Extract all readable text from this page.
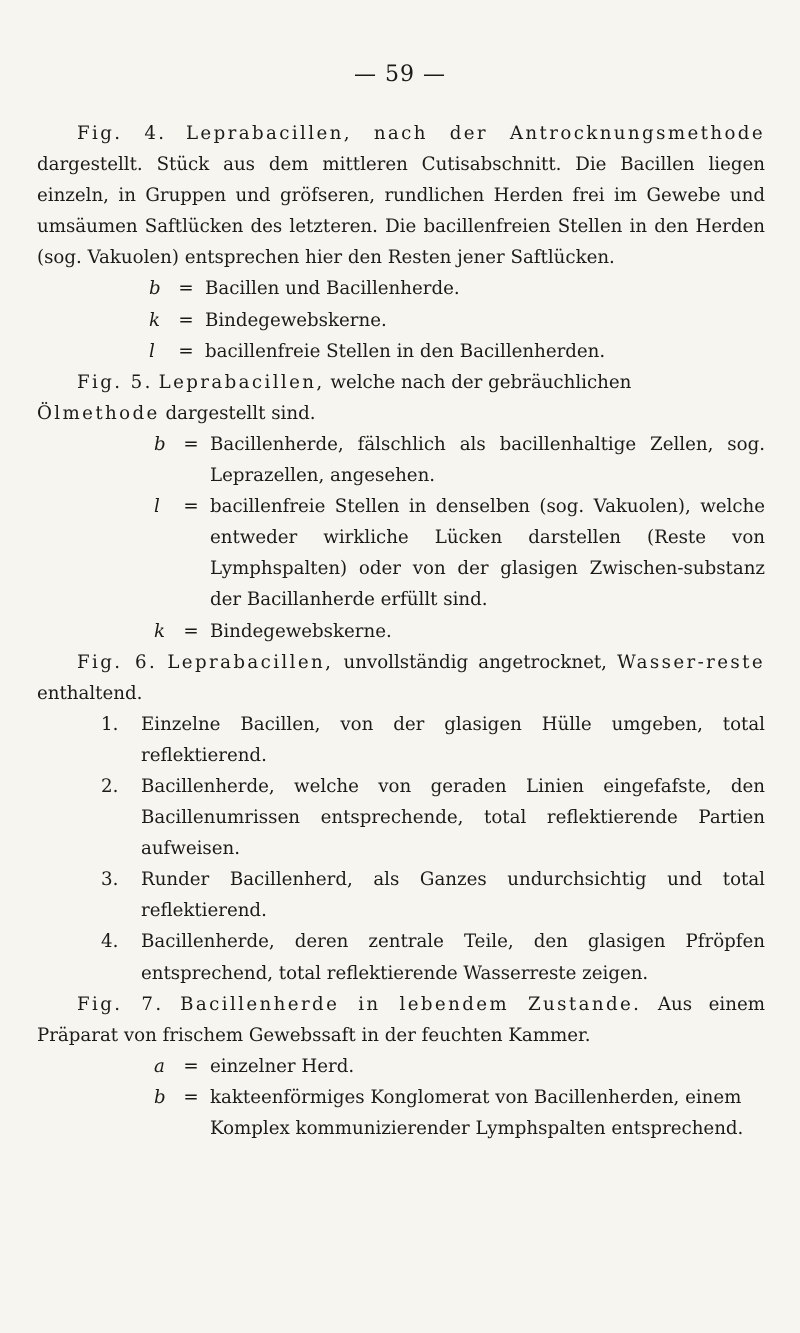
— 59 —

Fig. 4. Leprabacillen, nach der Antrocknungsmethode dargestellt. Stück aus dem mittleren Cutisabschnitt. Die Bacillen liegen einzeln, in Gruppen und gröfseren, rundlichen Herden frei im Gewebe und umsäumen Saftlücken des letzteren. Die bacillenfreien Stellen in den Herden (sog. Vakuolen) entsprechen hier den Resten jener Saftlücken.

b = Bacillen und Bacillenherde.
k	= Bindegewebskerne.
l	= bacillenfreie Stellen in den Bacillenherden.

Fig. 5. Leprabacillen, welche nach der gebräuchlichen

Ölmethode dargestellt sind.

b = Bacillenherde, fälschlich als bacillenhaltige Zellen, sog. Leprazellen, angesehen.
l	= bacillenfreie Stellen in denselben (sog. Vakuolen), welche entweder wirkliche Lücken darstellen (Reste von Lymphspalten) oder von der glasigen Zwischen-substanz der Bacillanherde erfüllt sind.
k	= Bindegewebskerne.

Fig. 6. Leprabacillen, unvollständig angetrocknet, Wasser-reste enthaltend.

1.	Einzelne Bacillen, von der glasigen Hülle umgeben, total reflektierend.
2.	Bacillenherde, welche von geraden Linien eingefafste, den Bacillenumrissen entsprechende, total reflektierende Partien aufweisen.
3.	Runder Bacillenherd, als Ganzes undurchsichtig und total reflektierend.
4.	Bacillenherde, deren zentrale Teile, den glasigen Pfröpfen entsprechend, total reflektierende Wasserreste zeigen.

Fig. 7. Bacillenherde in lebendem Zustande. Aus einem Präparat von frischem Gewebssaft in der feuchten Kammer.

a	= einzelner Herd.
b = kakteenförmiges Konglomerat von Bacillenherden, einem Komplex kommunizierender Lymphspalten entsprechend.
